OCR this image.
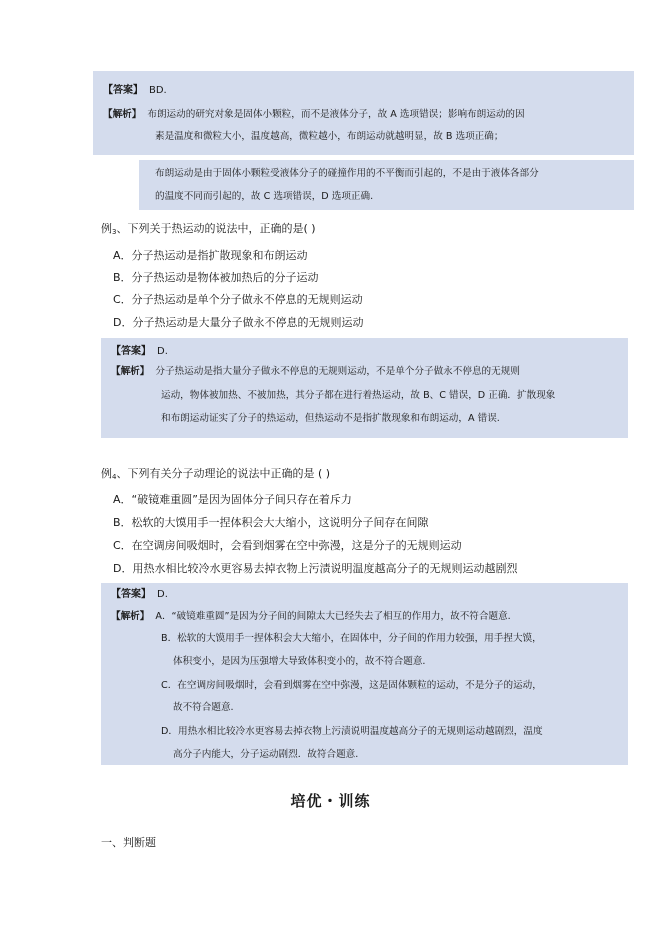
【答案】 BD.
【解析】 布朗运动的研究对象是固体小颗粒，而不是液体分子，故 A 选项错误；影响布朗运动的因
素是温度和微粒大小，温度越高，微粒越小，布朗运动就越明显，故 B 选项正确；
布朗运动是由于固体小颗粒受液体分子的碰撞作用的不平衡而引起的，不是由于液体各部分
的温度不同而引起的，故 C 选项错误，D 选项正确.
例$_3$、下列关于热运动的说法中，正确的是( )
A．分子热运动是指扩散现象和布朗运动
B．分子热运动是物体被加热后的分子运动
C．分子热运动是单个分子做永不停息的无规则运动
D．分子热运动是大量分子做永不停息的无规则运动
【答案】 D.
【解析】 分子热运动是指大量分子做永不停息的无规则运动，不是单个分子做永不停息的无规则
运动，物体被加热、不被加热，其分子都在进行着热运动，故 B、C 错误，D 正确．扩散现象
和布朗运动证实了分子的热运动，但热运动不是指扩散现象和布朗运动，A 错误.
例$_4$、下列有关分子动理论的说法中正确的是 ( )
A．“破镜难重圆”是因为固体分子间只存在着斥力
B．松软的大馍用手一捏体积会大大缩小，这说明分子间存在间隙
C．在空调房间吸烟时，会看到烟雾在空中弥漫，这是分子的无规则运动
D．用热水相比较冷水更容易去掉衣物上污渍说明温度越高分子的无规则运动越剧烈
【答案】 D.
【解析】 A．“破镜难重圆”是因为分子间的间隙太大已经失去了相互的作用力，故不符合题意.
B．松软的大馍用手一捏体积会大大缩小，在固体中，分子间的作用力较强，用手捏大馍，
体积变小，是因为压强增大导致体积变小的，故不符合题意.
C．在空调房间吸烟时，会看到烟雾在空中弥漫，这是固体颗粒的运动，不是分子的运动，
故不符合题意.
D．用热水相比较冷水更容易去掉衣物上污渍说明温度越高分子的无规则运动越剧烈，温度
高分子内能大，分子运动剧烈．故符合题意.
培优・训练
一、判断题
